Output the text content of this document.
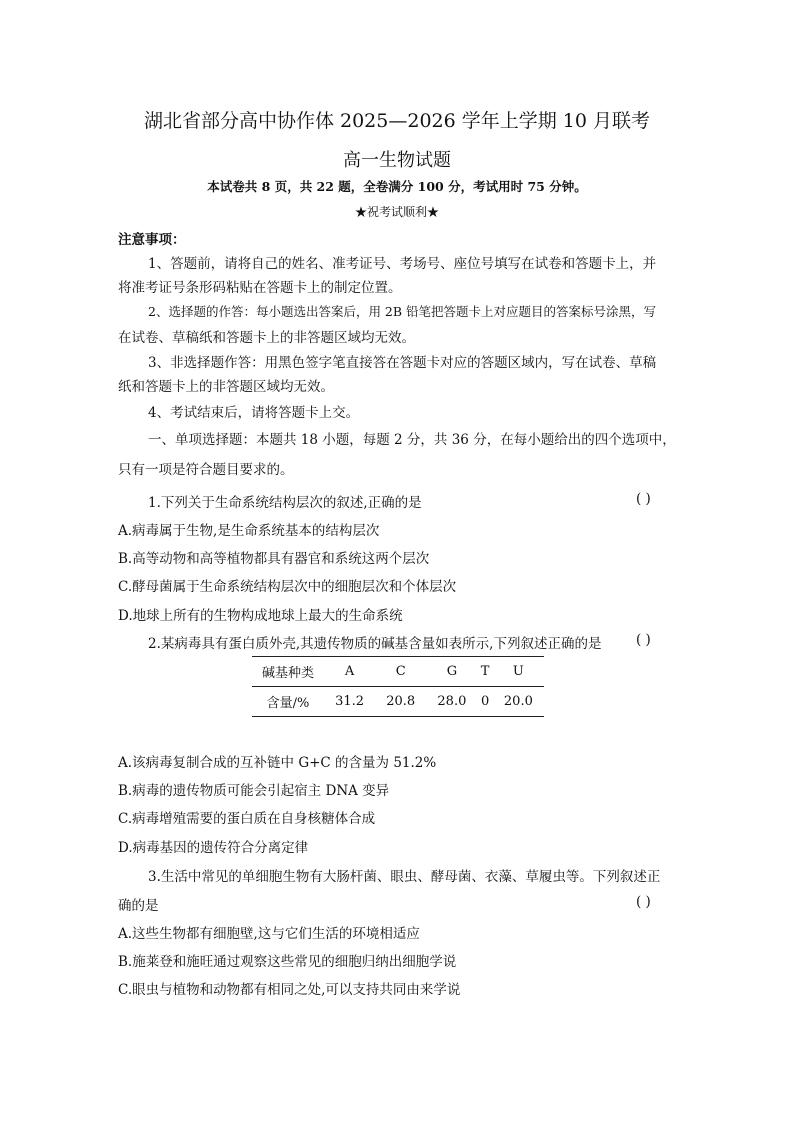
湖北省部分高中协作体 2025—2026 学年上学期 10 月联考
高一生物试题
本试卷共 8 页，共 22 题，全卷满分 100 分，考试用时 75 分钟。
★祝考试顺利★
注意事项：
1、答题前，请将自己的姓名、准考证号、考场号、座位号填写在试卷和答题卡上，并
将准考证号条形码粘贴在答题卡上的制定位置。
2、选择题的作答：每小题选出答案后，用 2B 铅笔把答题卡上对应题目的答案标号涂黑，写
在试卷、草稿纸和答题卡上的非答题区域均无效。
3、非选择题作答：用黑色签字笔直接答在答题卡对应的答题区域内，写在试卷、草稿
纸和答题卡上的非答题区域均无效。
4、考试结束后，请将答题卡上交。
一、单项选择题：本题共 18 小题，每题 2 分，共 36 分，在每小题给出的四个选项中，
只有一项是符合题目要求的。
1.下列关于生命系统结构层次的叙述,正确的是	( )
A.病毒属于生物,是生命系统基本的结构层次
B.高等动物和高等植物都具有器官和系统这两个层次
C.酵母菌属于生命系统结构层次中的细胞层次和个体层次
D.地球上所有的生物构成地球上最大的生命系统
2.某病毒具有蛋白质外壳,其遗传物质的碱基含量如表所示,下列叙述正确的是	( )
碱基种类	A	C	G	T	U
含量/%	31.2	20.8	28.0	0	20.0
A.该病毒复制合成的互补链中 G+C 的含量为 51.2%
B.病毒的遗传物质可能会引起宿主 DNA 变异
C.病毒增殖需要的蛋白质在自身核糖体合成
D.病毒基因的遗传符合分离定律
3.生活中常见的单细胞生物有大肠杆菌、眼虫、酵母菌、衣藻、草履虫等。下列叙述正
确的是	( )
A.这些生物都有细胞壁,这与它们生活的环境相适应
B.施莱登和施旺通过观察这些常见的细胞归纳出细胞学说
C.眼虫与植物和动物都有相同之处,可以支持共同由来学说
